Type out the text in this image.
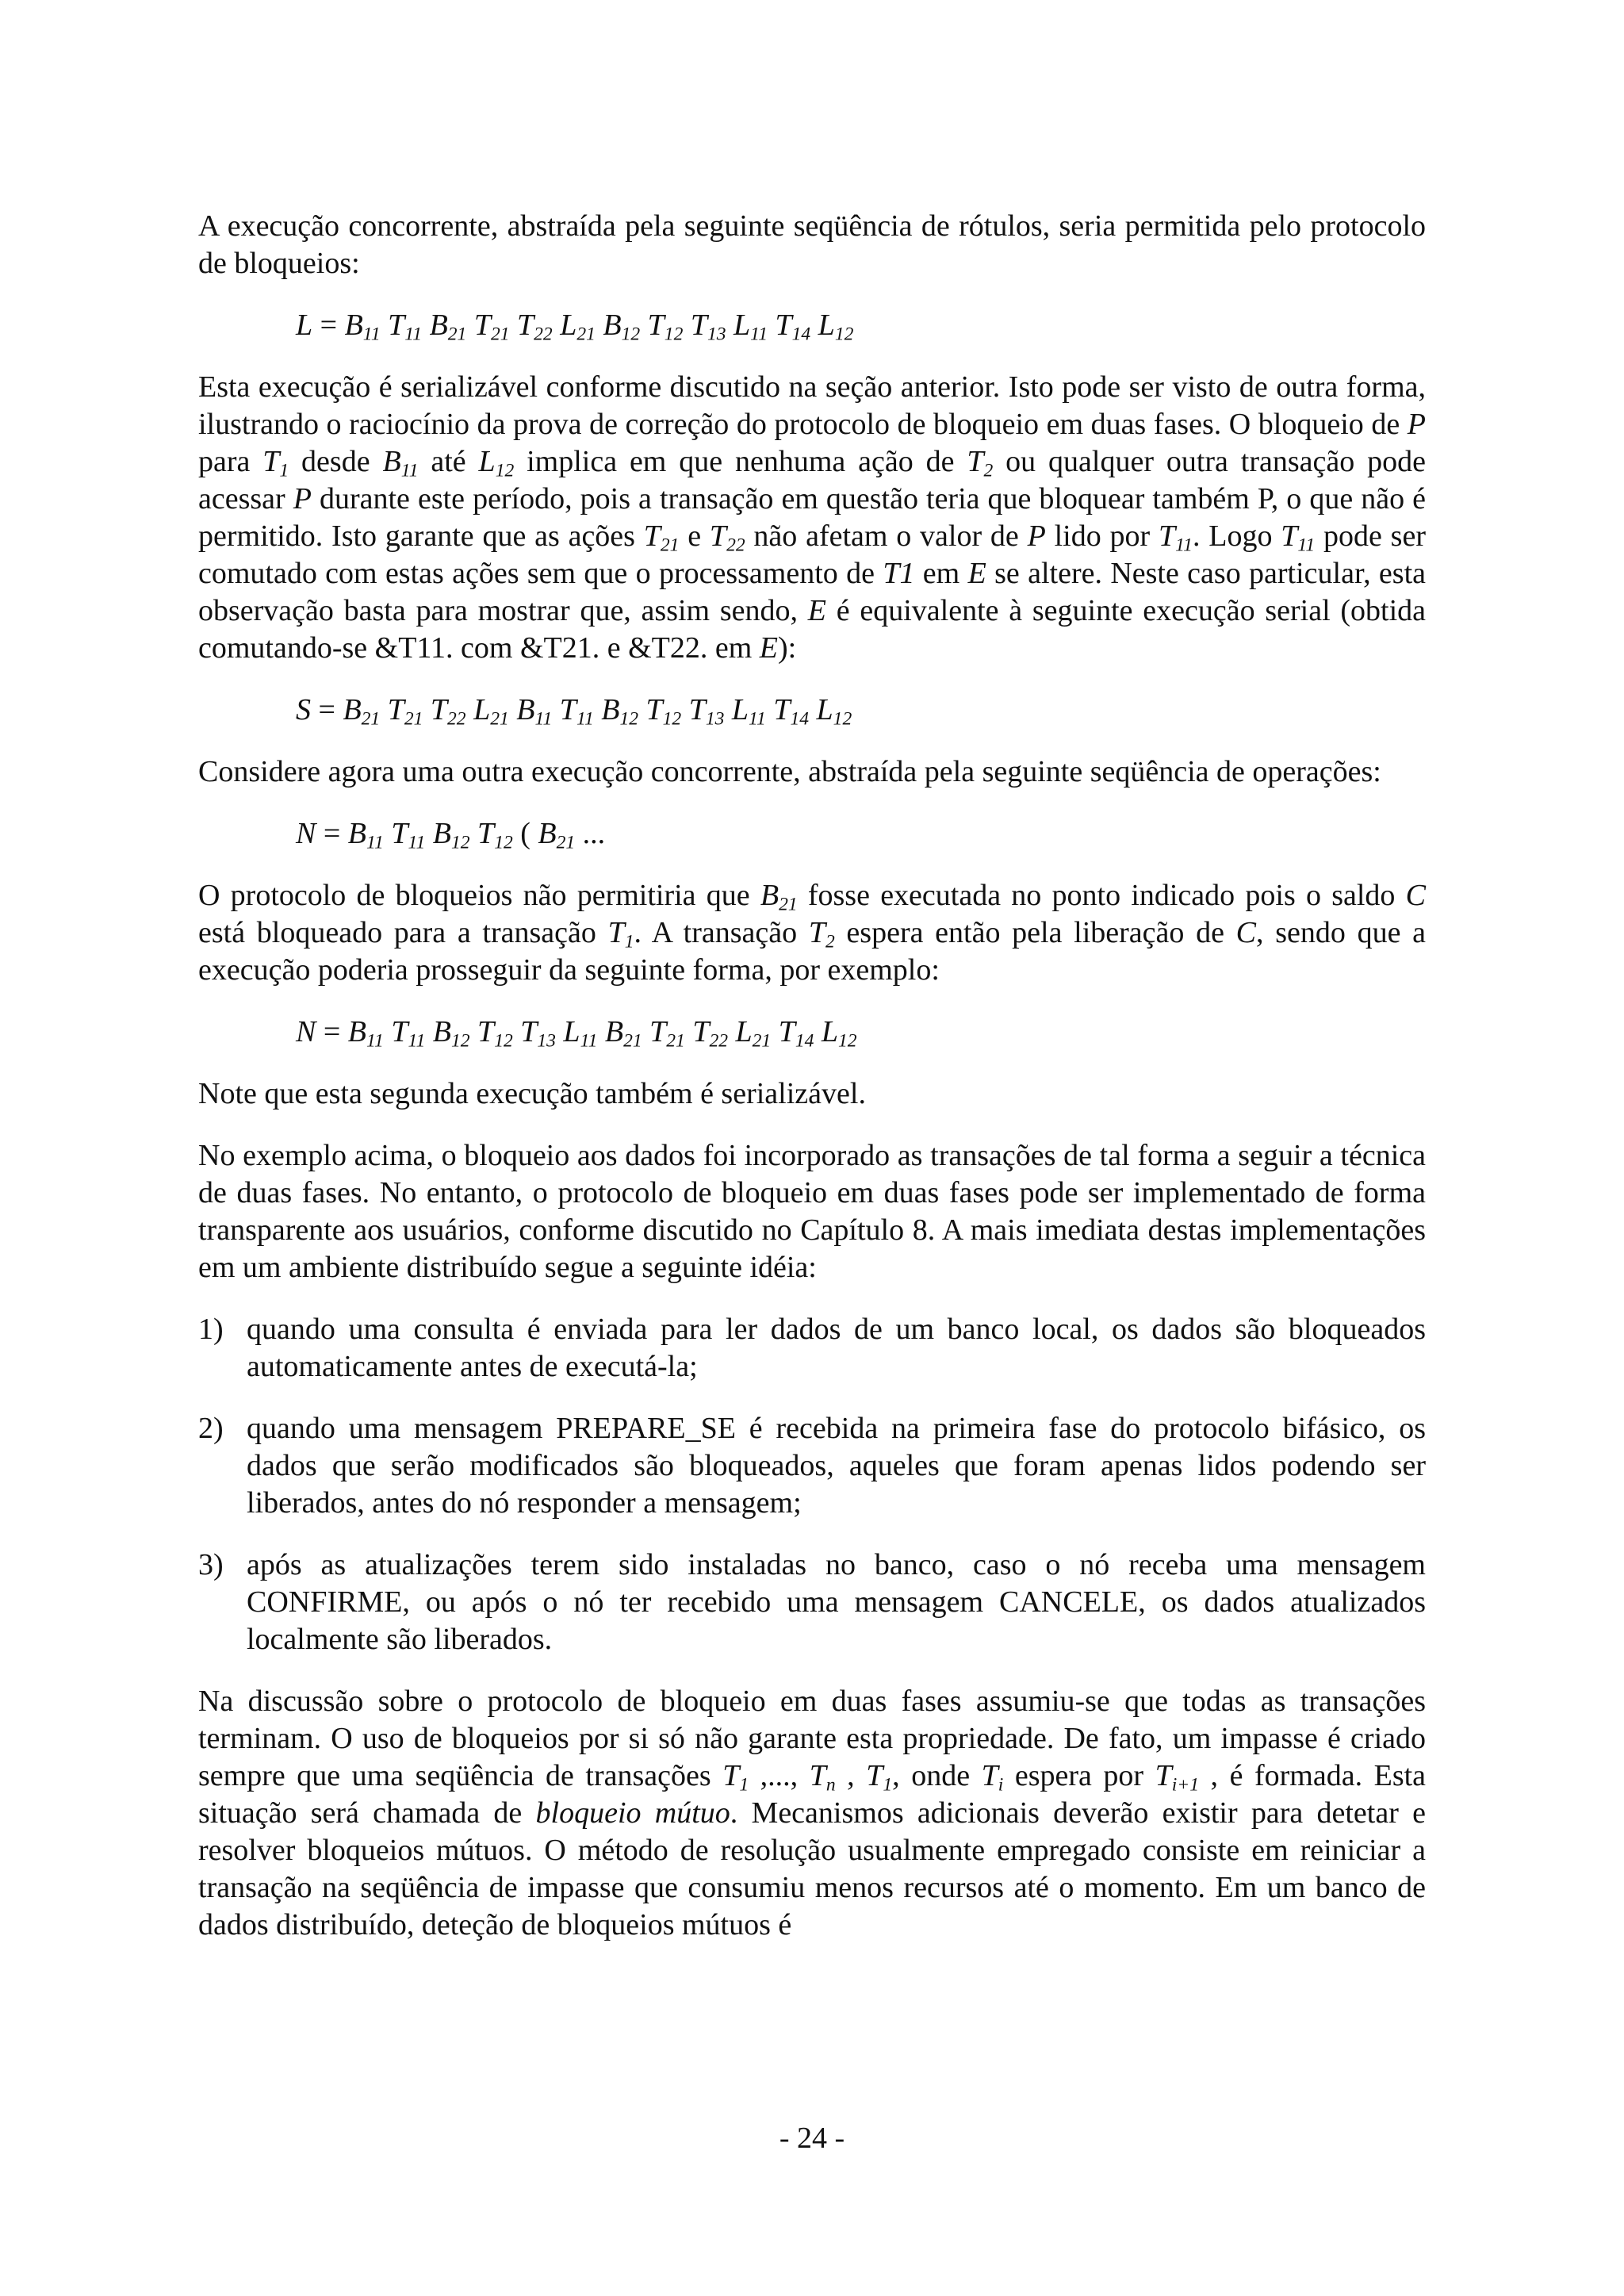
A execução concorrente, abstraída pela seguinte seqüência de rótulos, seria permitida pelo protocolo de bloqueios:

$L = B_{11}$ $T_{11}$ $B_{21}$ $T_{21}$ $T_{22}$ $L_{21}$ $B_{12}$ $T_{12}$ $T_{13}$ $L_{11}$ $T_{14}$ $L_{12}$

Esta execução é serializável conforme discutido na seção anterior. Isto pode ser visto de outra forma, ilustrando o raciocínio da prova de correção do protocolo de bloqueio em duas fases. O bloqueio de P para $T_1$ desde $B_{11}$ até $L_{12}$ implica em que nenhuma ação de $T_2$ ou qualquer outra transação pode acessar P durante este período, pois a transação em questão teria que bloquear também P, o que não é permitido. Isto garante que as ações $T_{21}$ e $T_{22}$ não afetam o valor de P lido por $T_{11}$. Logo $T_{11}$ pode ser comutado com estas ações sem que o processamento de T1 em E se altere. Neste caso particular, esta observação basta para mostrar que, assim sendo, E é equivalente à seguinte execução serial (obtida comutando-se &T11. com &T21. e &T22. em E):

$S = B_{21}$ $T_{21}$ $T_{22}$ $L_{21}$ $B_{11}$ $T_{11}$ $B_{12}$ $T_{12}$ $T_{13}$ $L_{11}$ $T_{14}$ $L_{12}$

Considere agora uma outra execução concorrente, abstraída pela seguinte seqüência de operações:

$N = B_{11}$ $T_{11}$ $B_{12}$ $T_{12}$ ( $B_{21}$ ...

O protocolo de bloqueios não permitiria que $B_{21}$ fosse executada no ponto indicado pois o saldo C está bloqueado para a transação $T_1$. A transação $T_2$ espera então pela liberação de C, sendo que a execução poderia prosseguir da seguinte forma, por exemplo:

$N = B_{11}$ $T_{11}$ $B_{12}$ $T_{12}$ $T_{13}$ $L_{11}$ $B_{21}$ $T_{21}$ $T_{22}$ $L_{21}$ $T_{14}$ $L_{12}$

Note que esta segunda execução também é serializável.

No exemplo acima, o bloqueio aos dados foi incorporado as transações de tal forma a seguir a técnica de duas fases. No entanto, o protocolo de bloqueio em duas fases pode ser implementado de forma transparente aos usuários, conforme discutido no Capítulo 8. A mais imediata destas implementações em um ambiente distribuído segue a seguinte idéia:

1) quando uma consulta é enviada para ler dados de um banco local, os dados são bloqueados automaticamente antes de executá-la;
2) quando uma mensagem PREPARE_SE é recebida na primeira fase do protocolo bifásico, os dados que serão modificados são bloqueados, aqueles que foram apenas lidos podendo ser liberados, antes do nó responder a mensagem;
3) após as atualizações terem sido instaladas no banco, caso o nó receba uma mensagem CONFIRME, ou após o nó ter recebido uma mensagem CANCELE, os dados atualizados localmente são liberados.

Na discussão sobre o protocolo de bloqueio em duas fases assumiu-se que todas as transações terminam. O uso de bloqueios por si só não garante esta propriedade. De fato, um impasse é criado sempre que uma seqüência de transações $T_1$ ,..., $T_n$ , $T_1$, onde $T_i$ espera por $T_{i+1}$ , é formada. Esta situação será chamada de bloqueio mútuo. Mecanismos adicionais deverão existir para detetar e resolver bloqueios mútuos. O método de resolução usualmente empregado consiste em reiniciar a transação na seqüência de impasse que consumiu menos recursos até o momento. Em um banco de dados distribuído, deteção de bloqueios mútuos é

- 24 -
